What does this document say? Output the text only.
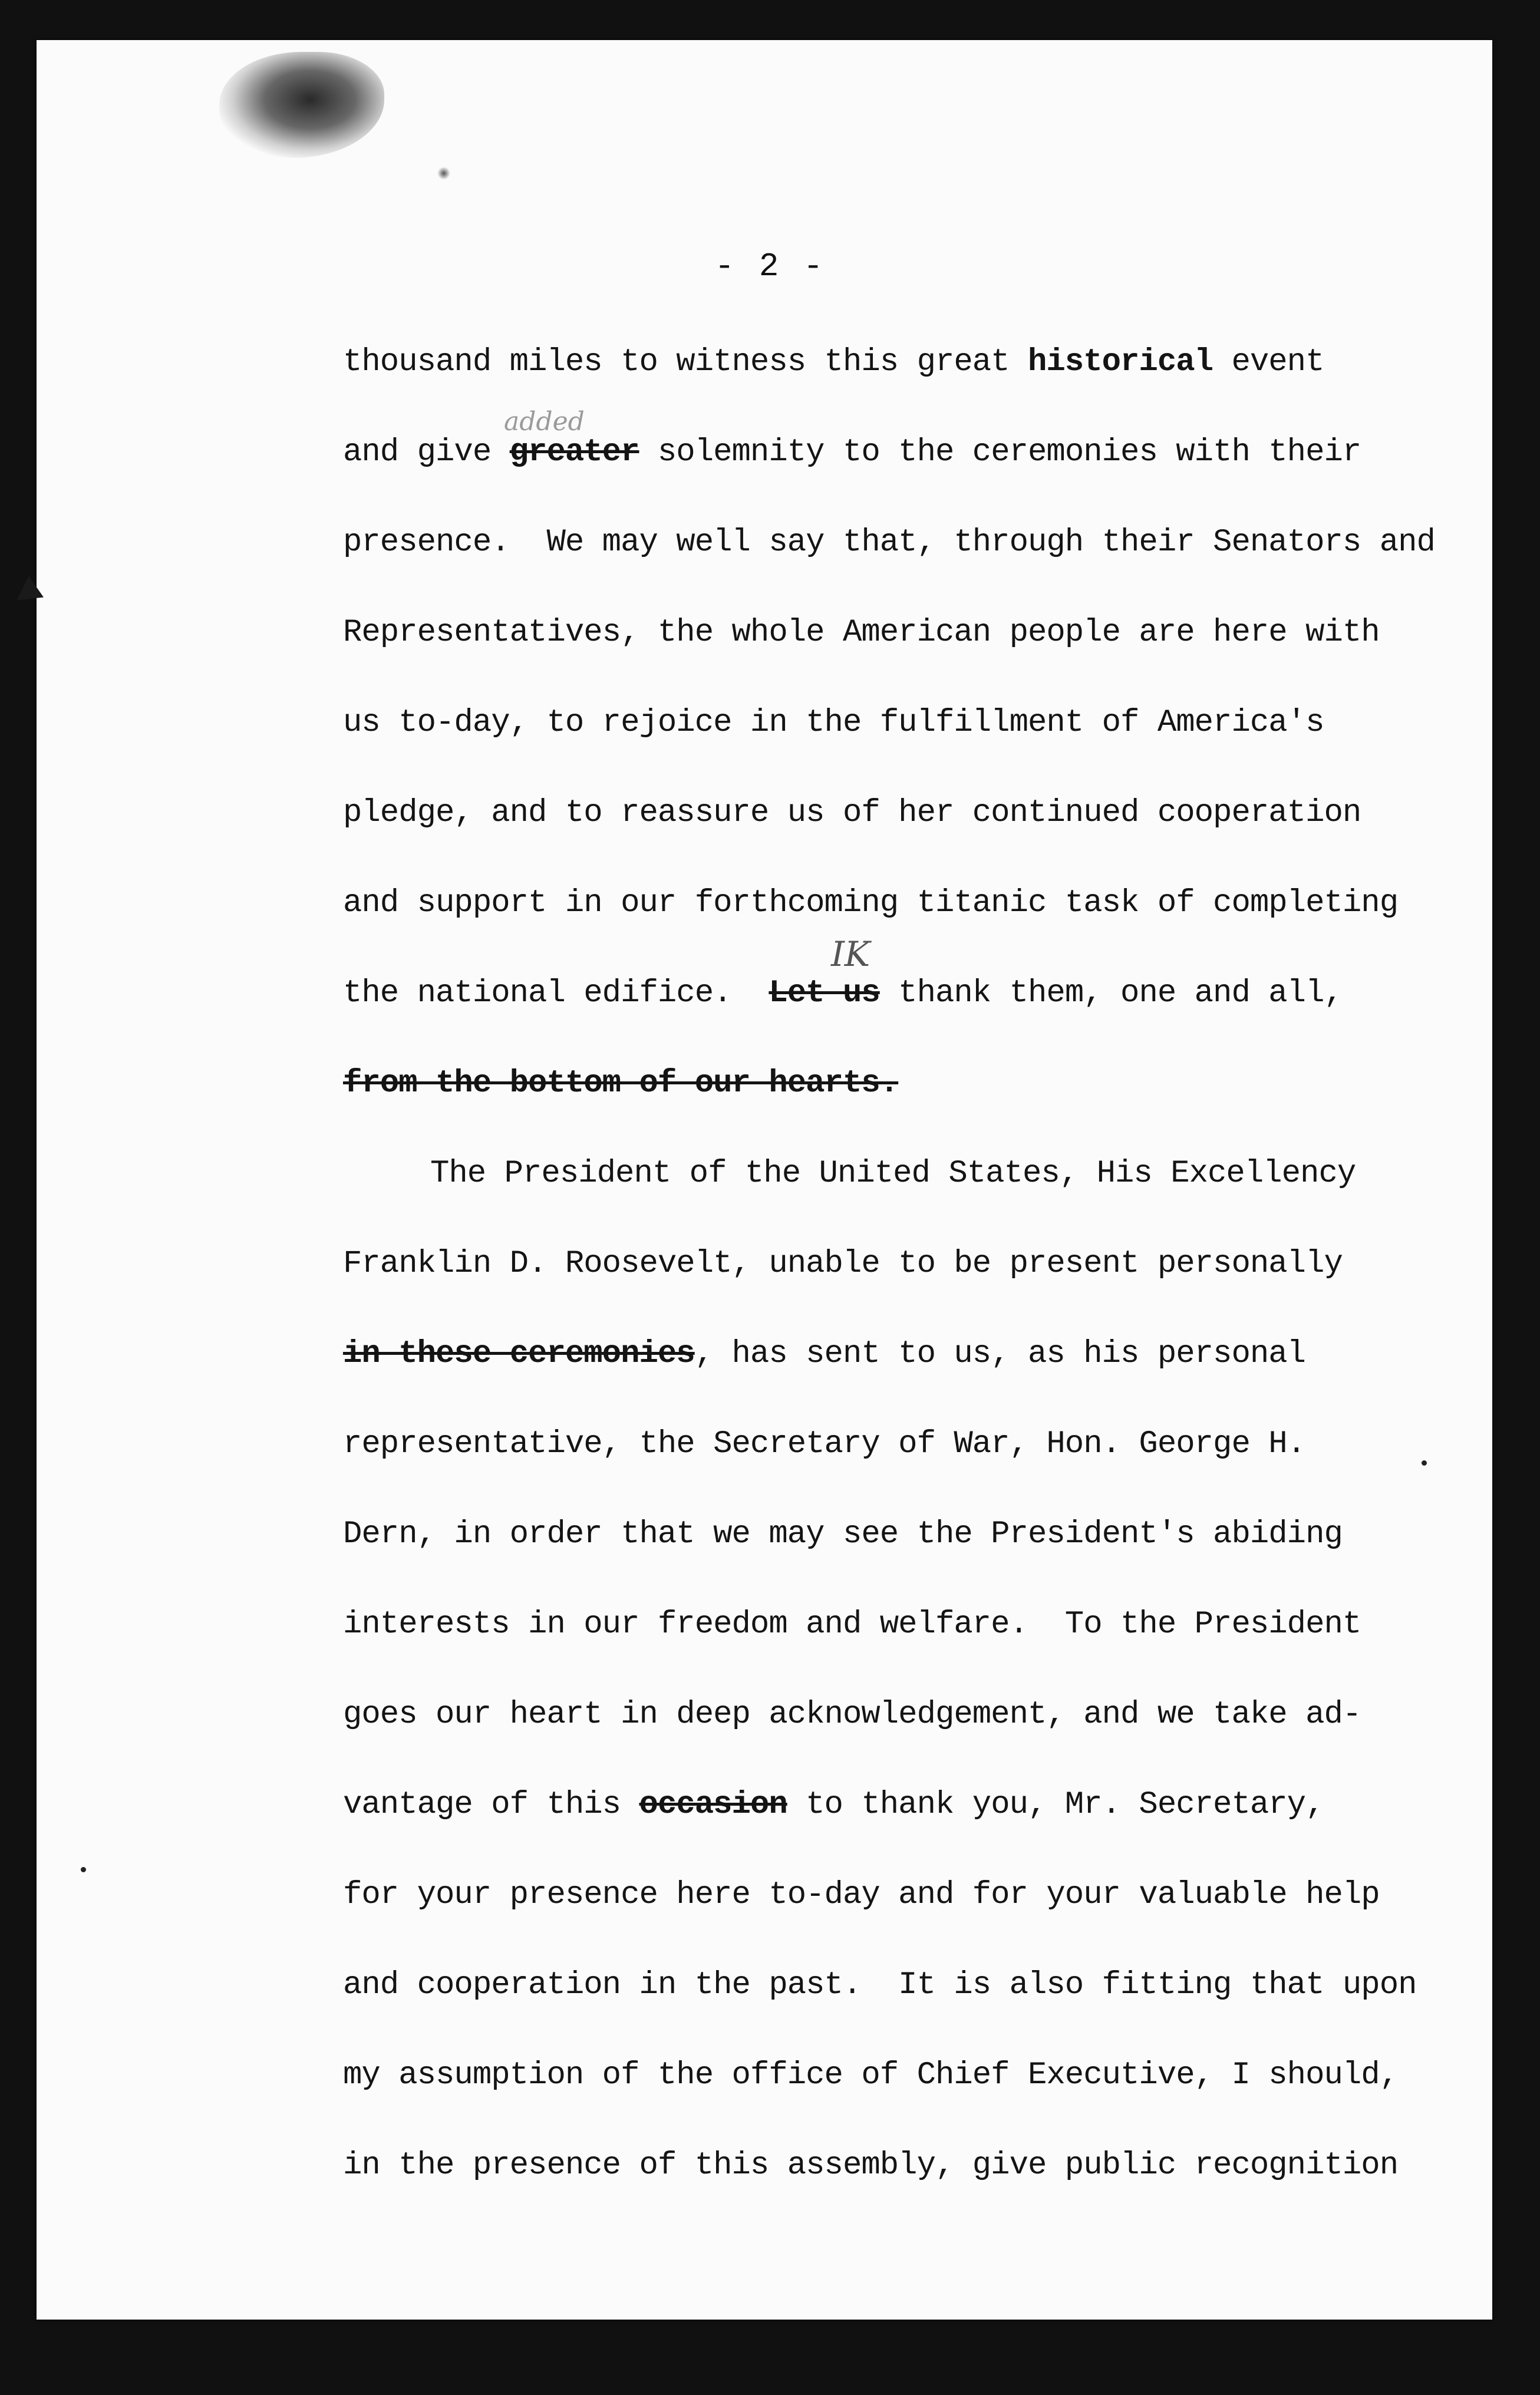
- 2 -
added
IK
thousand miles to witness this great historical event
and give greater solemnity to the ceremonies with their
presence.  We may well say that, through their Senators and
Representatives, the whole American people are here with
us to-day, to rejoice in the fulfillment of America's
pledge, and to reassure us of her continued cooperation
and support in our forthcoming titanic task of completing
the national edifice.  Let us thank them, one and all,
from the bottom of our hearts.
The President of the United States, His Excellency
Franklin D. Roosevelt, unable to be present personally
in these ceremonies, has sent to us, as his personal
representative, the Secretary of War, Hon. George H.
Dern, in order that we may see the President's abiding
interests in our freedom and welfare.  To the President
goes our heart in deep acknowledgement, and we take ad-
vantage of this occasion to thank you, Mr. Secretary,
for your presence here to-day and for your valuable help
and cooperation in the past.  It is also fitting that upon
my assumption of the office of Chief Executive, I should,
in the presence of this assembly, give public recognition
